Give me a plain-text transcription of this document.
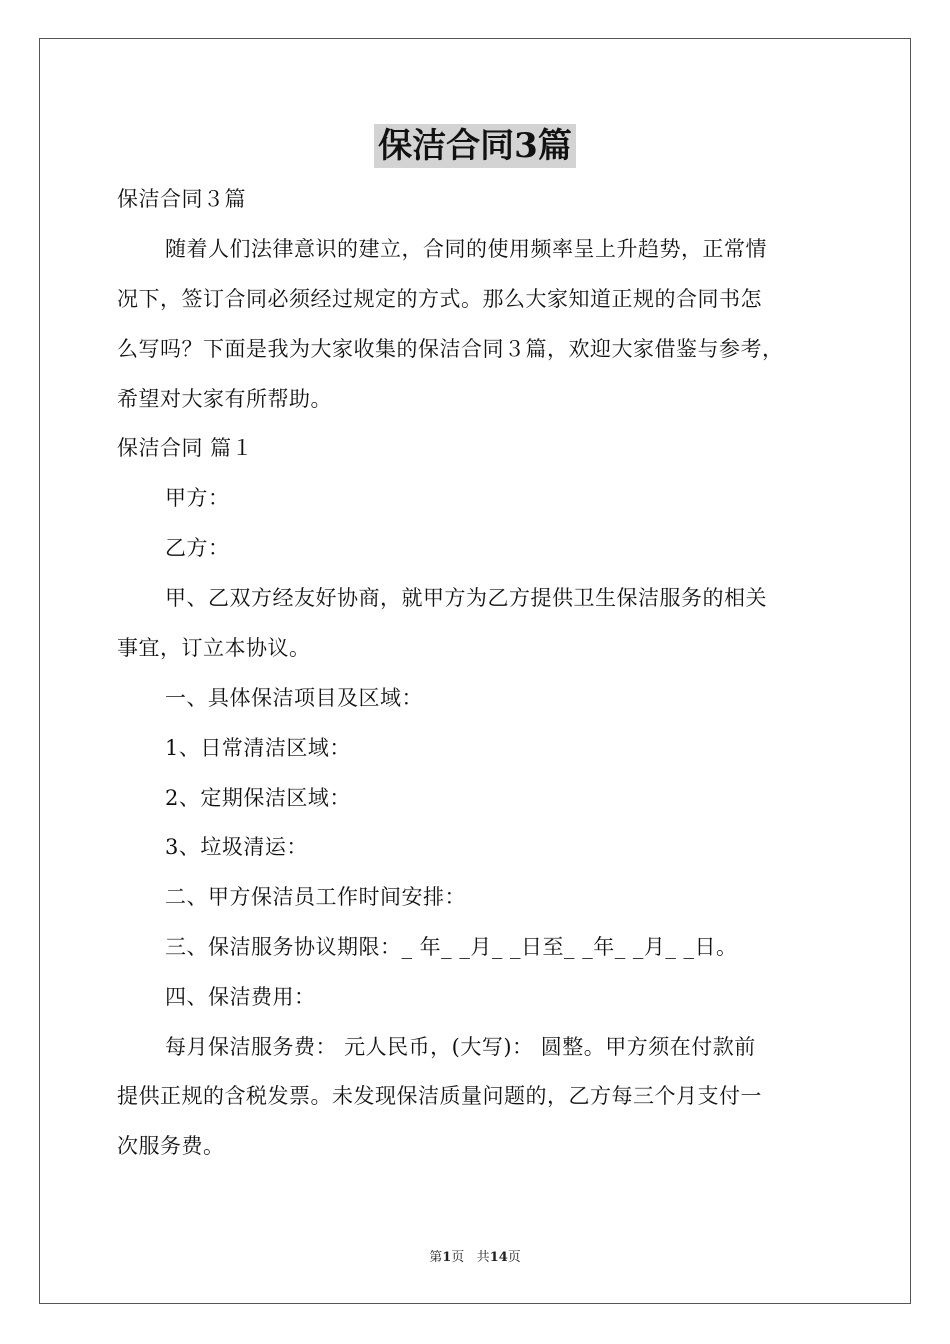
保洁合同3篇
保洁合同３篇
随着人们法律意识的建立，合同的使用频率呈上升趋势，正常情
况下，签订合同必须经过规定的方式。那么大家知道正规的合同书怎
么写吗？下面是我为大家收集的保洁合同３篇，欢迎大家借鉴与参考，
希望对大家有所帮助。
保洁合同 篇１
甲方：
乙方：
甲、乙双方经友好协商，就甲方为乙方提供卫生保洁服务的相关
事宜，订立本协议。
一、具体保洁项目及区域：
1、日常清洁区域：
2、定期保洁区域：
3、垃圾清运：
二、甲方保洁员工作时间安排：
三、保洁服务协议期限：_ 年_ _月_ _日至_ _年_ _月_ _日。
四、保洁费用：
每月保洁服务费： 元人民币，(大写)： 圆整。甲方须在付款前
提供正规的含税发票。未发现保洁质量问题的，乙方每三个月支付一
次服务费。
第1页 共14页
